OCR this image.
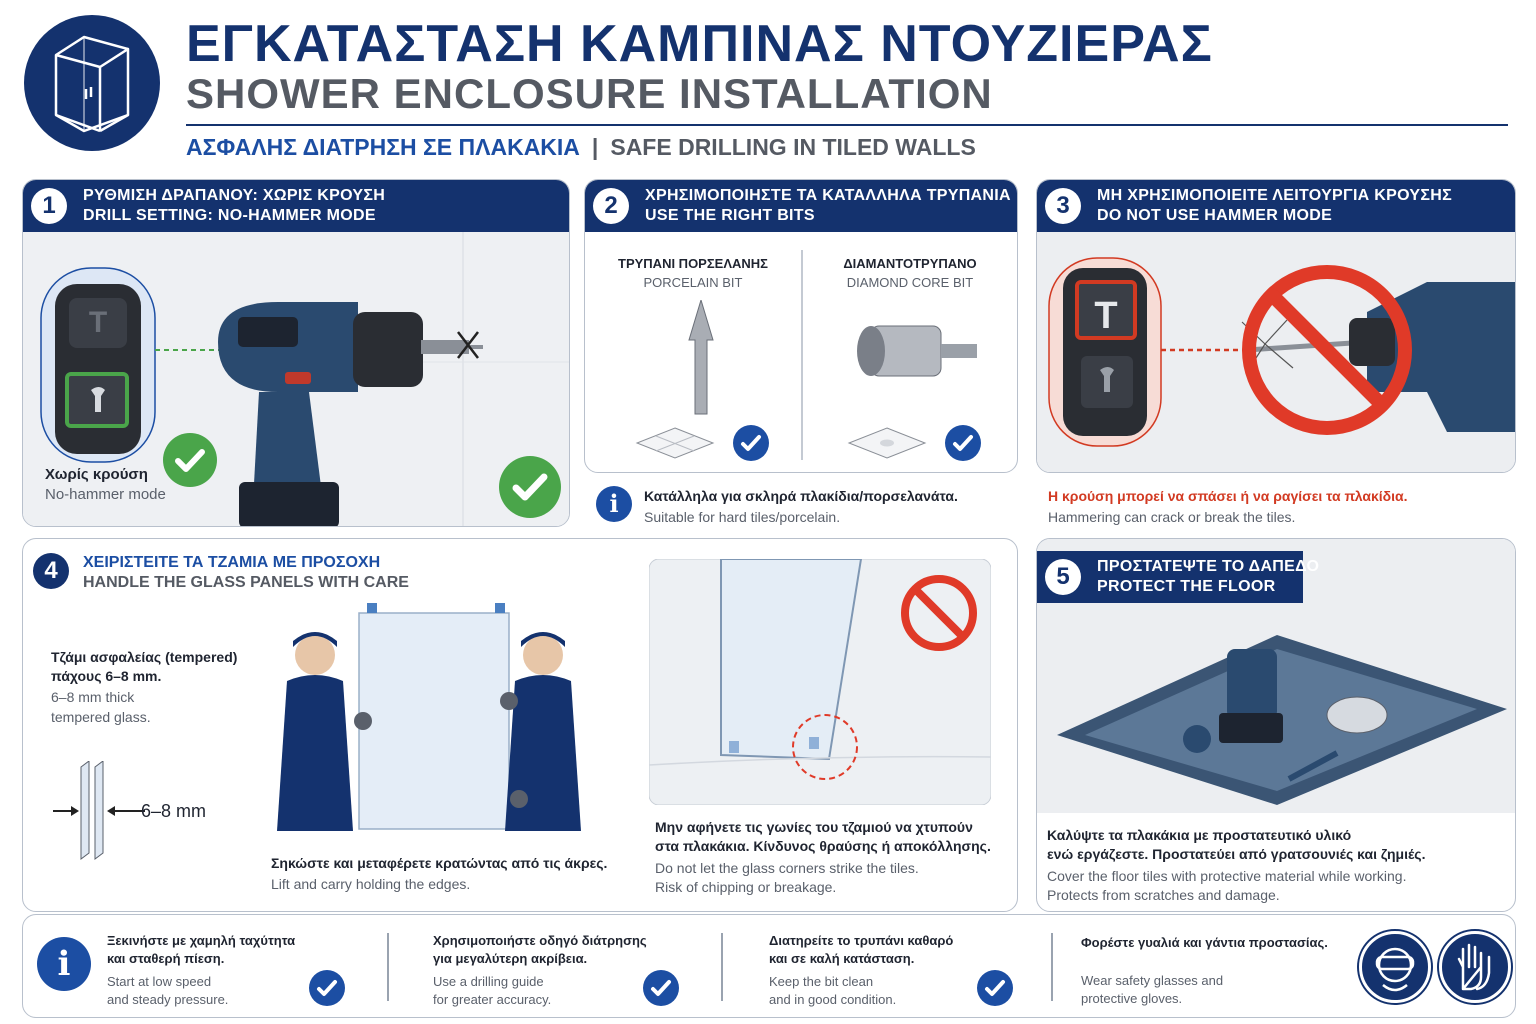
ΕΓΚΑΤΑΣΤΑΣΗ ΚΑΜΠΙΝΑΣ ΝΤΟΥΖΙΕΡΑΣ
SHOWER ENCLOSURE INSTALLATION
ΑΣΦΑΛΗΣ ΔΙΑΤΡΗΣΗ ΣΕ ΠΛΑΚΑΚΙΑ | SAFE DRILLING IN TILED WALLS
1	ΡΥΘΜΙΣΗ ΔΡΑΠΑΝΟΥ: ΧΩΡΙΣ ΚΡΟΥΣΗ
DRILL SETTING: NO-HAMMER MODE
T
Χωρίς κρούση
No-hammer mode
2	ΧΡΗΣΙΜΟΠΟΙΗΣΤΕ ΤΑ ΚΑΤΑΛΛΗΛΑ ΤΡΥΠΑΝΙΑ
USE THE RIGHT BITS
ΤΡΥΠΑΝΙ ΠΟΡΣΕΛΑΝΗΣ
PORCELAIN BIT
ΔΙΑΜΑΝΤΟΤΡΥΠΑΝΟ
DIAMOND CORE BIT
i	Κατάλληλα για σκληρά πλακίδια/πορσελανάτα.
Suitable for hard tiles/porcelain.
3	ΜΗ ΧΡΗΣΙΜΟΠΟΙΕΙΤΕ ΛΕΙΤΟΥΡΓΙΑ ΚΡΟΥΣΗΣ
DO NOT USE HAMMER MODE
T
Η κρούση μπορεί να σπάσει ή να ραγίσει τα πλακίδια.
Hammering can crack or break the tiles.
4	ΧΕΙΡΙΣΤΕΙΤΕ ΤΑ ΤΖΑΜΙΑ ΜΕ ΠΡΟΣΟΧΗ
HANDLE THE GLASS PANELS WITH CARE
Τζάμι ασφαλείας (tempered)
πάχους 6–8 mm.
6–8 mm thick
tempered glass.
6–8 mm
Σηκώστε και μεταφέρετε κρατώντας από τις άκρες.
Lift and carry holding the edges.
Μην αφήνετε τις γωνίες του τζαμιού να χτυπούν
στα πλακάκια. Κίνδυνος θραύσης ή αποκόλλησης.
Do not let the glass corners strike the tiles.
Risk of chipping or breakage.
5	ΠΡΟΣΤΑΤΕΨΤΕ ΤΟ ΔΑΠΕΔΟ
PROTECT THE FLOOR
Καλύψτε τα πλακάκια με προστατευτικό υλικό
ενώ εργάζεστε. Προστατεύει από γρατσουνιές και ζημιές.
Cover the floor tiles with protective material while working.
Protects from scratches and damage.
i
Ξεκινήστε με χαμηλή ταχύτητα
και σταθερή πίεση.
Start at low speed
and steady pressure.
Χρησιμοποιήστε οδηγό διάτρησης
για μεγαλύτερη ακρίβεια.
Use a drilling guide
for greater accuracy.
Διατηρείτε το τρυπάνι καθαρό
και σε καλή κατάσταση.
Keep the bit clean
and in good condition.
Φορέστε γυαλιά και γάντια προστασίας.
Wear safety glasses and
protective gloves.
